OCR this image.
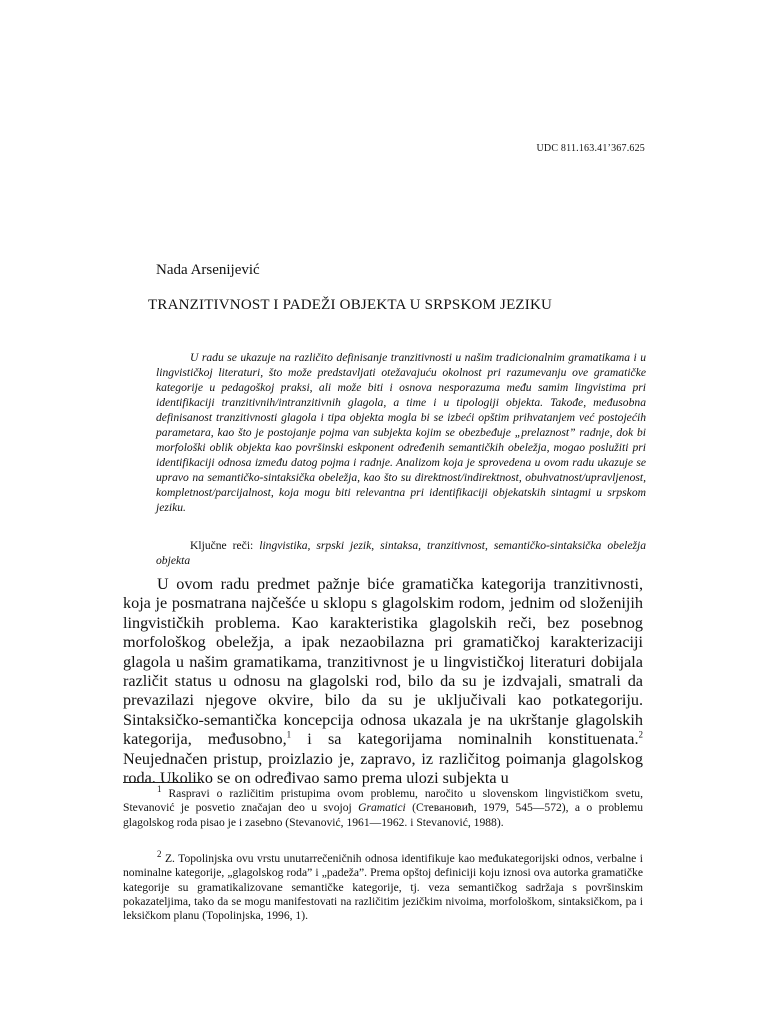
UDC 811.163.41’367.625
Nada Arsenijević
TRANZITIVNOST I PADEŽI OBJEKTA U SRPSKOM JEZIKU
U radu se ukazuje na različito definisanje tranzitivnosti u našim tradicionalnim gramatikama i u lingvističkoj literaturi, što može predstavljati otežavajuću okolnost pri razumevanju ove gramatičke kategorije u pedagoškoj praksi, ali može biti i osnova nesporazuma među samim lingvistima pri identifikaciji tranzitivnih/intranzitivnih glagola, a time i u tipologiji objekta. Takođe, međusobna definisanost tranzitivnosti glagola i tipa objekta mogla bi se izbeći opštim prihvatanjem već postojećih parametara, kao što je postojanje pojma van subjekta kojim se obezbeđuje „prelaznost” radnje, dok bi morfološki oblik objekta kao površinski eskponent određenih semantičkih obeležja, mogao poslužiti pri identifikaciji odnosa između datog pojma i radnje. Analizom koja je sprovedena u ovom radu ukazuje se upravo na semantičko-sintaksička obeležja, kao što su direktnost/indirektnost, obuhvatnost/upravljenost, kompletnost/parcijalnost, koja mogu biti relevantna pri identifikaciji objekatskih sintagmi u srpskom jeziku.
Ključne reči: lingvistika, srpski jezik, sintaksa, tranzitivnost, semantičko-sintaksička obeležja objekta
U ovom radu predmet pažnje biće gramatička kategorija tranzitivnosti, koja je posmatrana najčešće u sklopu s glagolskim rodom, jednim od složenijih lingvističkih problema. Kao karakteristika glagolskih reči, bez posebnog morfološkog obeležja, a ipak nezaobilazna pri gramatičkoj karakterizaciji glagola u našim gramatikama, tranzitivnost je u lingvističkoj literaturi dobijala različit status u odnosu na glagolski rod, bilo da su je izdvajali, smatrali da prevazilazi njegove okvire, bilo da su je uključivali kao potkategoriju. Sintaksičko-semantička koncepcija odnosa ukazala je na ukrštanje glagolskih kategorija, međusobno,$^1$ i sa kategorijama nominalnih konstituenata.$^2$ Neujednačen pristup, proizlazio je, zapravo, iz različitog poimanja glagolskog roda. Ukoliko se on određivao samo prema ulozi subjekta u
$^1$ Raspravi o različitim pristupima ovom problemu, naročito u slovenskom lingvističkom svetu, Stevanović je posvetio značajan deo u svojoj Gramatici (Стевановић, 1979, 545—572), a o problemu glagolskog roda pisao je i zasebno (Stevanović, 1961—1962. i Stevanović, 1988).
$^2$ Z. Topolinjska ovu vrstu unutarrečeničnih odnosa identifikuje kao međukategorijski odnos, verbalne i nominalne kategorije, „glagolskog roda” i „padeža”. Prema opštoj definiciji koju iznosi ova autorka gramatičke kategorije su gramatikalizovane semantičke kategorije, tj. veza semantičkog sadržaja s površinskim pokazateljima, tako da se mogu manifestovati na različitim jezičkim nivoima, morfološkom, sintaksičkom, pa i leksičkom planu (Topolinjska, 1996, 1).
